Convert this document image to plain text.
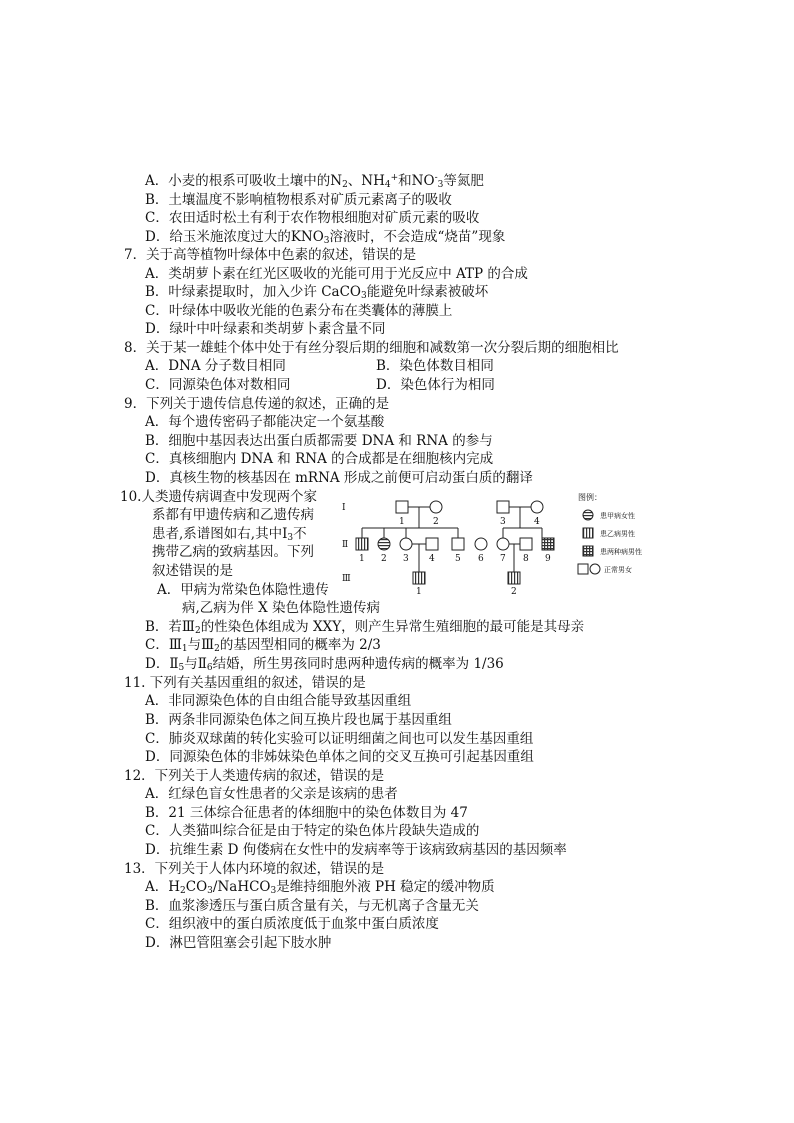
A．小麦的根系可吸收土壤中的$N_2$、$NH_4^+$和$NO^-_3$等氮肥
B．土壤温度不影响植物根系对矿质元素离子的吸收
C．农田适时松土有利于农作物根细胞对矿质元素的吸收
D．给玉米施浓度过大的$KNO_3$溶液时，不会造成“烧苗”现象
7．关于高等植物叶绿体中色素的叙述，错误的是
A．类胡萝卜素在红光区吸收的光能可用于光反应中 ATP 的合成
B．叶绿素提取时，加入少许 CaCO$_3$能避免叶绿素被破坏
C．叶绿体中吸收光能的色素分布在类囊体的薄膜上
D．绿叶中叶绿素和类胡萝卜素含量不同
8．关于某一雄蛙个体中处于有丝分裂后期的细胞和减数第一次分裂后期的细胞相比
A．DNA 分子数目相同	B．染色体数目相同
C．同源染色体对数相同	D．染色体行为相同
9．下列关于遗传信息传递的叙述，正确的是
A．每个遗传密码子都能决定一个氨基酸
B．细胞中基因表达出蛋白质都需要 DNA 和 RNA 的参与
C．真核细胞内 DNA 和 RNA 的合成都是在细胞核内完成
D．真核生物的核基因在 mRNA 形成之前便可启动蛋白质的翻译
10.人类遗传病调查中发现两个家
系都有甲遗传病和乙遗传病
患者,系谱图如右,其中$Ⅰ_3$不
携带乙病的致病基因。下列
叙述错误的是
A．甲病为常染色体隐性遗传
病,乙病为伴 X 染色体隐性遗传病
B．若$Ⅲ_2$的性染色体组成为 XXY，则产生异常生殖细胞的最可能是其母亲
C．$Ⅲ_1$与$Ⅲ_2$的基因型相同的概率为 2/3
D．$Ⅱ_5$与$Ⅱ_6$结婚，所生男孩同时患两种遗传病的概率为 1/36
Ⅰ
Ⅱ
Ⅲ
1	2	3	4
1 2 3 4 5 6 7 8 9
1	2
图例：
患甲病女性
患乙病男性
患两种病男性
正常男女
11. 下列有关基因重组的叙述，错误的是
A．非同源染色体的自由组合能导致基因重组
B．两条非同源染色体之间互换片段也属于基因重组
C．肺炎双球菌的转化实验可以证明细菌之间也可以发生基因重组
D．同源染色体的非姊妹染色单体之间的交叉互换可引起基因重组
12．下列关于人类遗传病的叙述，错误的是
A．红绿色盲女性患者的父亲是该病的患者
B．21 三体综合征患者的体细胞中的染色体数目为 47
C．人类猫叫综合征是由于特定的染色体片段缺失造成的
D．抗维生素 D 佝偻病在女性中的发病率等于该病致病基因的基因频率
13．下列关于人体内环境的叙述，错误的是
A．$H_2CO_3/NaHCO_3$是维持细胞外液 PH 稳定的缓冲物质
B．血浆渗透压与蛋白质含量有关，与无机离子含量无关
C．组织液中的蛋白质浓度低于血浆中蛋白质浓度
D．淋巴管阻塞会引起下肢水肿
